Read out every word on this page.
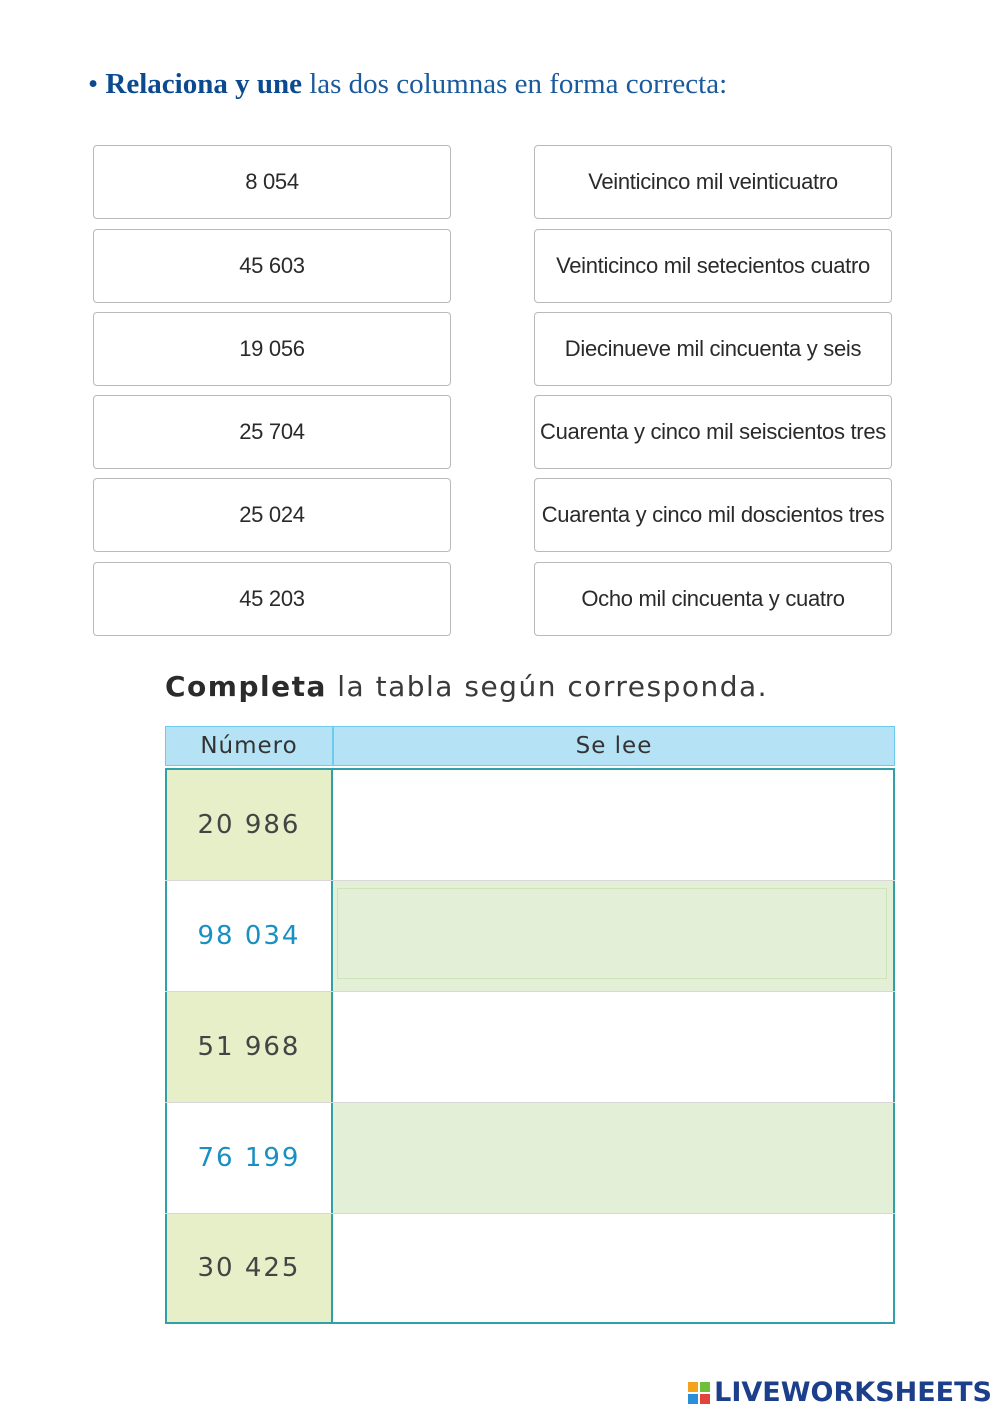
• Relaciona y une las dos columnas en forma correcta:
8 054
45 603
19 056
25 704
25 024
45 203
Veinticinco mil veinticuatro
Veinticinco mil setecientos cuatro
Diecinueve mil cincuenta y seis
Cuarenta y cinco mil seiscientos tres
Cuarenta y cinco mil doscientos tres
Ocho mil cincuenta y cuatro
Completa la tabla según corresponda.
Número	Se lee
20 986
98 034
51 968
76 199
30 425
LIVEWORKSHEETS
